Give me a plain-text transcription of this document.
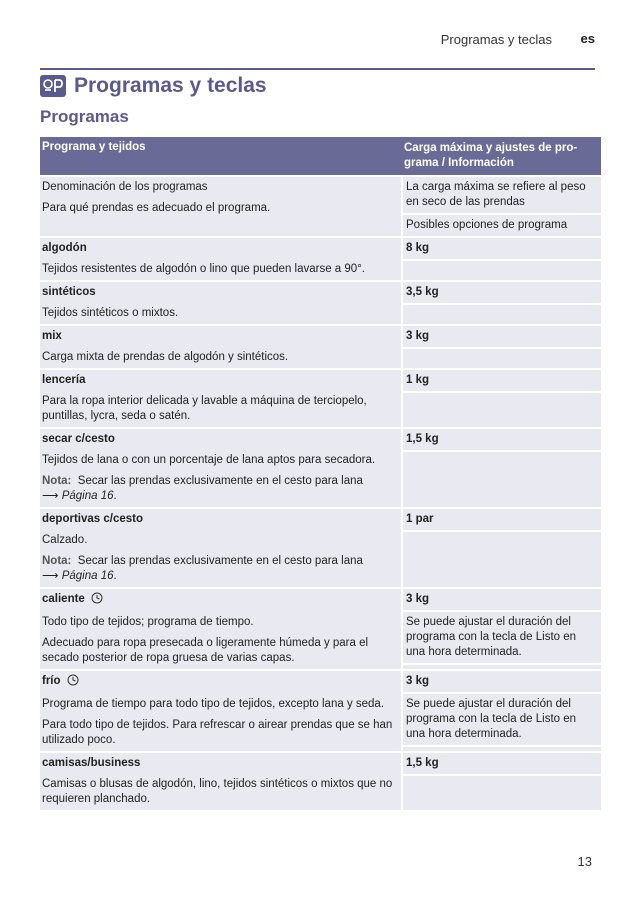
Programas y teclas es
Programas y teclas
Programas
Programa y tejidos	Carga máxima y ajustes de pro-grama / Información
Denominación de los programas
Para qué prendas es adecuado el programa.
La carga máxima se refiere al peso en seco de las prendas
Posibles opciones de programa
algodón
Tejidos resistentes de algodón o lino que pueden lavarse a 90°.
8 kg
sintéticos
Tejidos sintéticos o mixtos.
3,5 kg
mix
Carga mixta de prendas de algodón y sintéticos.
3 kg
lencería
Para la ropa interior delicada y lavable a máquina de terciopelo, puntillas, lycra, seda o satén.
1 kg
secar c/cesto
Tejidos de lana o con un porcentaje de lana aptos para secadora.
Nota: Secar las prendas exclusivamente en el cesto para lana
⟶ Página 16.
1,5 kg
deportivas c/cesto
Calzado.
Nota: Secar las prendas exclusivamente en el cesto para lana
⟶ Página 16.
1 par
caliente
Todo tipo de tejidos; programa de tiempo.
Adecuado para ropa presecada o ligeramente húmeda y para el secado posterior de ropa gruesa de varias capas.
3 kg
Se puede ajustar el duración del programa con la tecla de Listo en una hora determinada.
frío
Programa de tiempo para todo tipo de tejidos, excepto lana y seda.
Para todo tipo de tejidos. Para refrescar o airear prendas que se han utilizado poco.
3 kg
Se puede ajustar el duración del programa con la tecla de Listo en una hora determinada.
camisas/business
Camisas o blusas de algodón, lino, tejidos sintéticos o mixtos que no requieren planchado.
1,5 kg
13
